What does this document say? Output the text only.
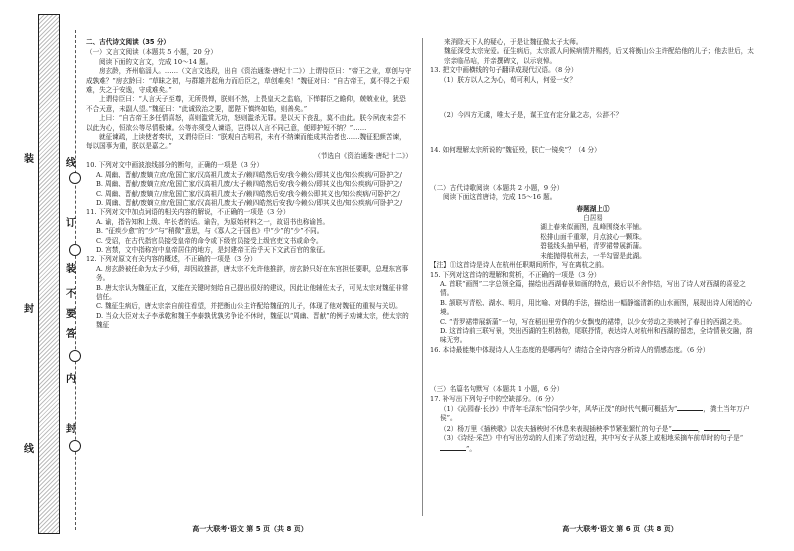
线
订
装
不
要
答
内
封
装
封
线

二、古代诗文阅读（35 分）

（一）文言文阅读（本题共 5 小题，20 分）

阅读下面的文言文，完成 10～14 题。

房玄龄，齐州临淄人。……（文言文选段，出自《资治通鉴·唐纪十二》）上谓侍臣曰：“帝王之业，草创与守成孰难？”房玄龄曰：“草昧之初，与群雄并起角力而后臣之，草创难矣！”魏征对曰：“自古帝王，莫不得之于艰难，失之于安逸，守成难矣。”

上谓侍臣曰：“人言天子至尊，无所畏惮，朕则不然，上畏皇天之监临，下惮群臣之瞻仰，兢兢业业，犹恐不合天意，未副人望。”魏征曰：“此诚致治之要，愿陛下慎终如始，则善矣。”

上曰：“自古帝王多任情喜怒，喜则滥赏无功，怒则滥杀无罪。是以天下丧乱，莫不由此。朕今夙夜未尝不以此为心，恒欲公等尽情极谏。公等亦须受人谏语，岂得以人言不同己意，便即护短不纳？”……

就征谏疏，上读使者奏状，又谓侍臣曰：“朕观自古明君，未有不纳谏而能成其治者也……魏征犯颜苦谏，每以国事为重，朕以是嘉之。”

（节选自《资治通鉴·唐纪十二》）

10. 下列对文中画波浪线部分的断句，正确的一项是（3 分）

A. 周幽、晋献/废嫡立庶/危国亡家/汉高祖几废太子/赖四皓然后安/我今赖公/即其义也/知公疾病/可卧护之/

B. 周幽、晋献/废嫡立庶/危国亡家/汉高祖几废/太子赖四皓然后安/我今赖公/即其义也/知公疾病/可卧护之/

C. 周幽、晋献/废嫡立/庶危国亡家/汉高祖几废太子/赖四皓然后安/我今赖公即其义也/知公疾病/可卧护之/

D. 周幽、晋献/废嫡立庶/危国亡家/汉高祖几废太子/赖四皓然后安我/今赖公/即其义也/知公疾病/可卧护之/

11. 下列对文中加点词语的相关内容的解说，不正确的一项是（3 分）

A. 谕，指告知和上级、年长者的话。谕告，为原始材料之一，故诏书也称谕旨。

B. “征疾少愈”的“少”与“稍微”意思，与《寡人之于国也》中“少”的“少”不同。

C. 受诏，在古代指官员接受皇帝的命令或下级官员接受上级官吏文书或命令。

D. 宫禁，文中指称宫中皇帝居住的地方，是封建帝王治乎天下文武百官的象征。

12. 下列对原文有关内容的概述，不正确的一项是（3 分）

A. 房玄龄被任命为太子少师，却因故推辞，唐太宗不允许他推辞，房玄龄只好在东宫担任要职，总理东宫事务。

B. 唐太宗认为魏征正直，又能在关键时刻给自己提出很好的建议，因此让他辅佐太子，可见太宗对魏征非常信任。

C. 魏征生病后，唐太宗亲自前往看望，并把衡山公主许配给魏征的儿子，体现了他对魏征的重视与关切。

D. 当众大臣对太子李承乾和魏王李泰孰优孰劣争论不休时，魏征以“周幽、晋献”的例子劝谏太宗，使太宗的魏征

来消除天下人的疑心，于是让魏征做太子太师。

魏征深受太宗宠爱。征生病后，太宗派人问候病情并赐药，后又将衡山公主许配给他的儿子；他去世后，太宗亲临吊唁，并亲撰碑文，以示哀悼。

13. 把文中画横线的句子翻译成现代汉语。（8 分）

（1）朕方以人之为心，荀可利人，何爱一女？

（2）今四方无虞，唯太子是，谋王宜有定分量之志，公辞不？

14. 如何理解太宗所说的“魏征殁，朕亡一镜矣”？（4 分）

（二）古代诗歌阅读（本题共 2 小题，9 分）

阅读下面这首唐诗，完成 15～16 题。

春题湖上①

白居易

湖上春来似画图，乱峰围绕水平铺。

松排山面千重翠，月点波心一颗珠。

碧毯线头抽早稻，青罗裙带展新蒲。

未能抛得杭州去，一半勾留是此湖。

【注】①这首诗是诗人在杭州任职期间所作，写在离杭之前。

15. 下列对这首诗的理解和赏析，不正确的一项是（3 分）

A. 首联“画图”二字总领全篇，描绘出西湖春景如画的特点，最后以不舍作结，写出了诗人对西湖的喜爱之情。

B. 颔联写青松、湖水、明月，用比喻、对偶的手法，描绘出一幅静谧清新的山水画图，展现出诗人闲适的心境。

C. “青罗裙带展新蒲”一句，写在稻田里劳作的少女飘曳的裙带，以少女劳动之美映衬了春日的西湖之美。

D. 这首诗前三联写景，突出西湖的生机勃勃，尾联抒情，表达诗人对杭州和西湖的留恋，全诗情景交融，韵味无穷。

16. 本诗最能集中体现诗人人生态度的是哪两句？请结合全诗内容分析诗人的情感态度。（6 分）

（三）名篇名句默写（本题共 1 小题，6 分）

17. 补写出下列句子中的空缺部分。（6 分）

（1）《沁园春·长沙》中青年毛泽东“恰同学少年，风华正茂”的时代气概可概括为“	，粪土当年万户侯”。

（2）杨万里《插秧歌》以农夫插秧时不休息来表现插秧季节紧张繁忙的句子是“	，

（3）《诗经·采芑》中有写出劳动的人们来了劳动过程，其中写女子从茶上或相地采摘车前草时的句子是“”。

高一大联考·语文 第 5 页（共 8 页）	高一大联考·语文 第 6 页（共 8 页）
